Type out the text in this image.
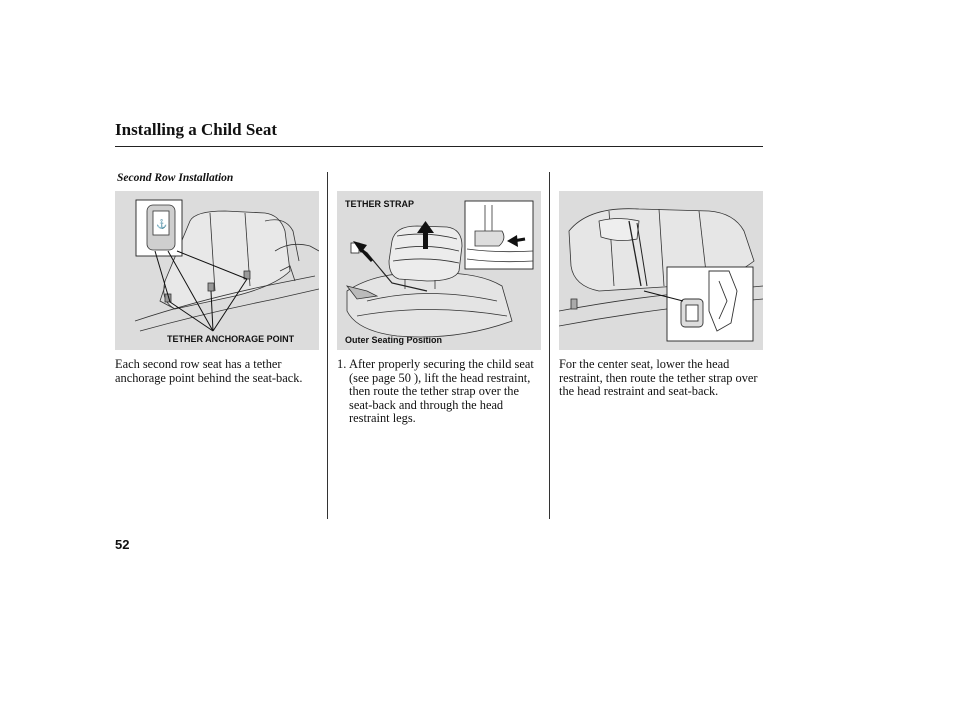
Installing a Child Seat
Second Row Installation
⚓
TETHER ANCHORAGE POINT
TETHER STRAP
Outer Seating Position

Each second row seat has a tether anchorage point behind the seat-back.

1. After properly securing the child seat (see page 50 ), lift the head restraint, then route the tether strap over the seat-back and through the head restraint legs.

For the center seat, lower the head restraint, then route the tether strap over the head restraint and seat-back.

52
